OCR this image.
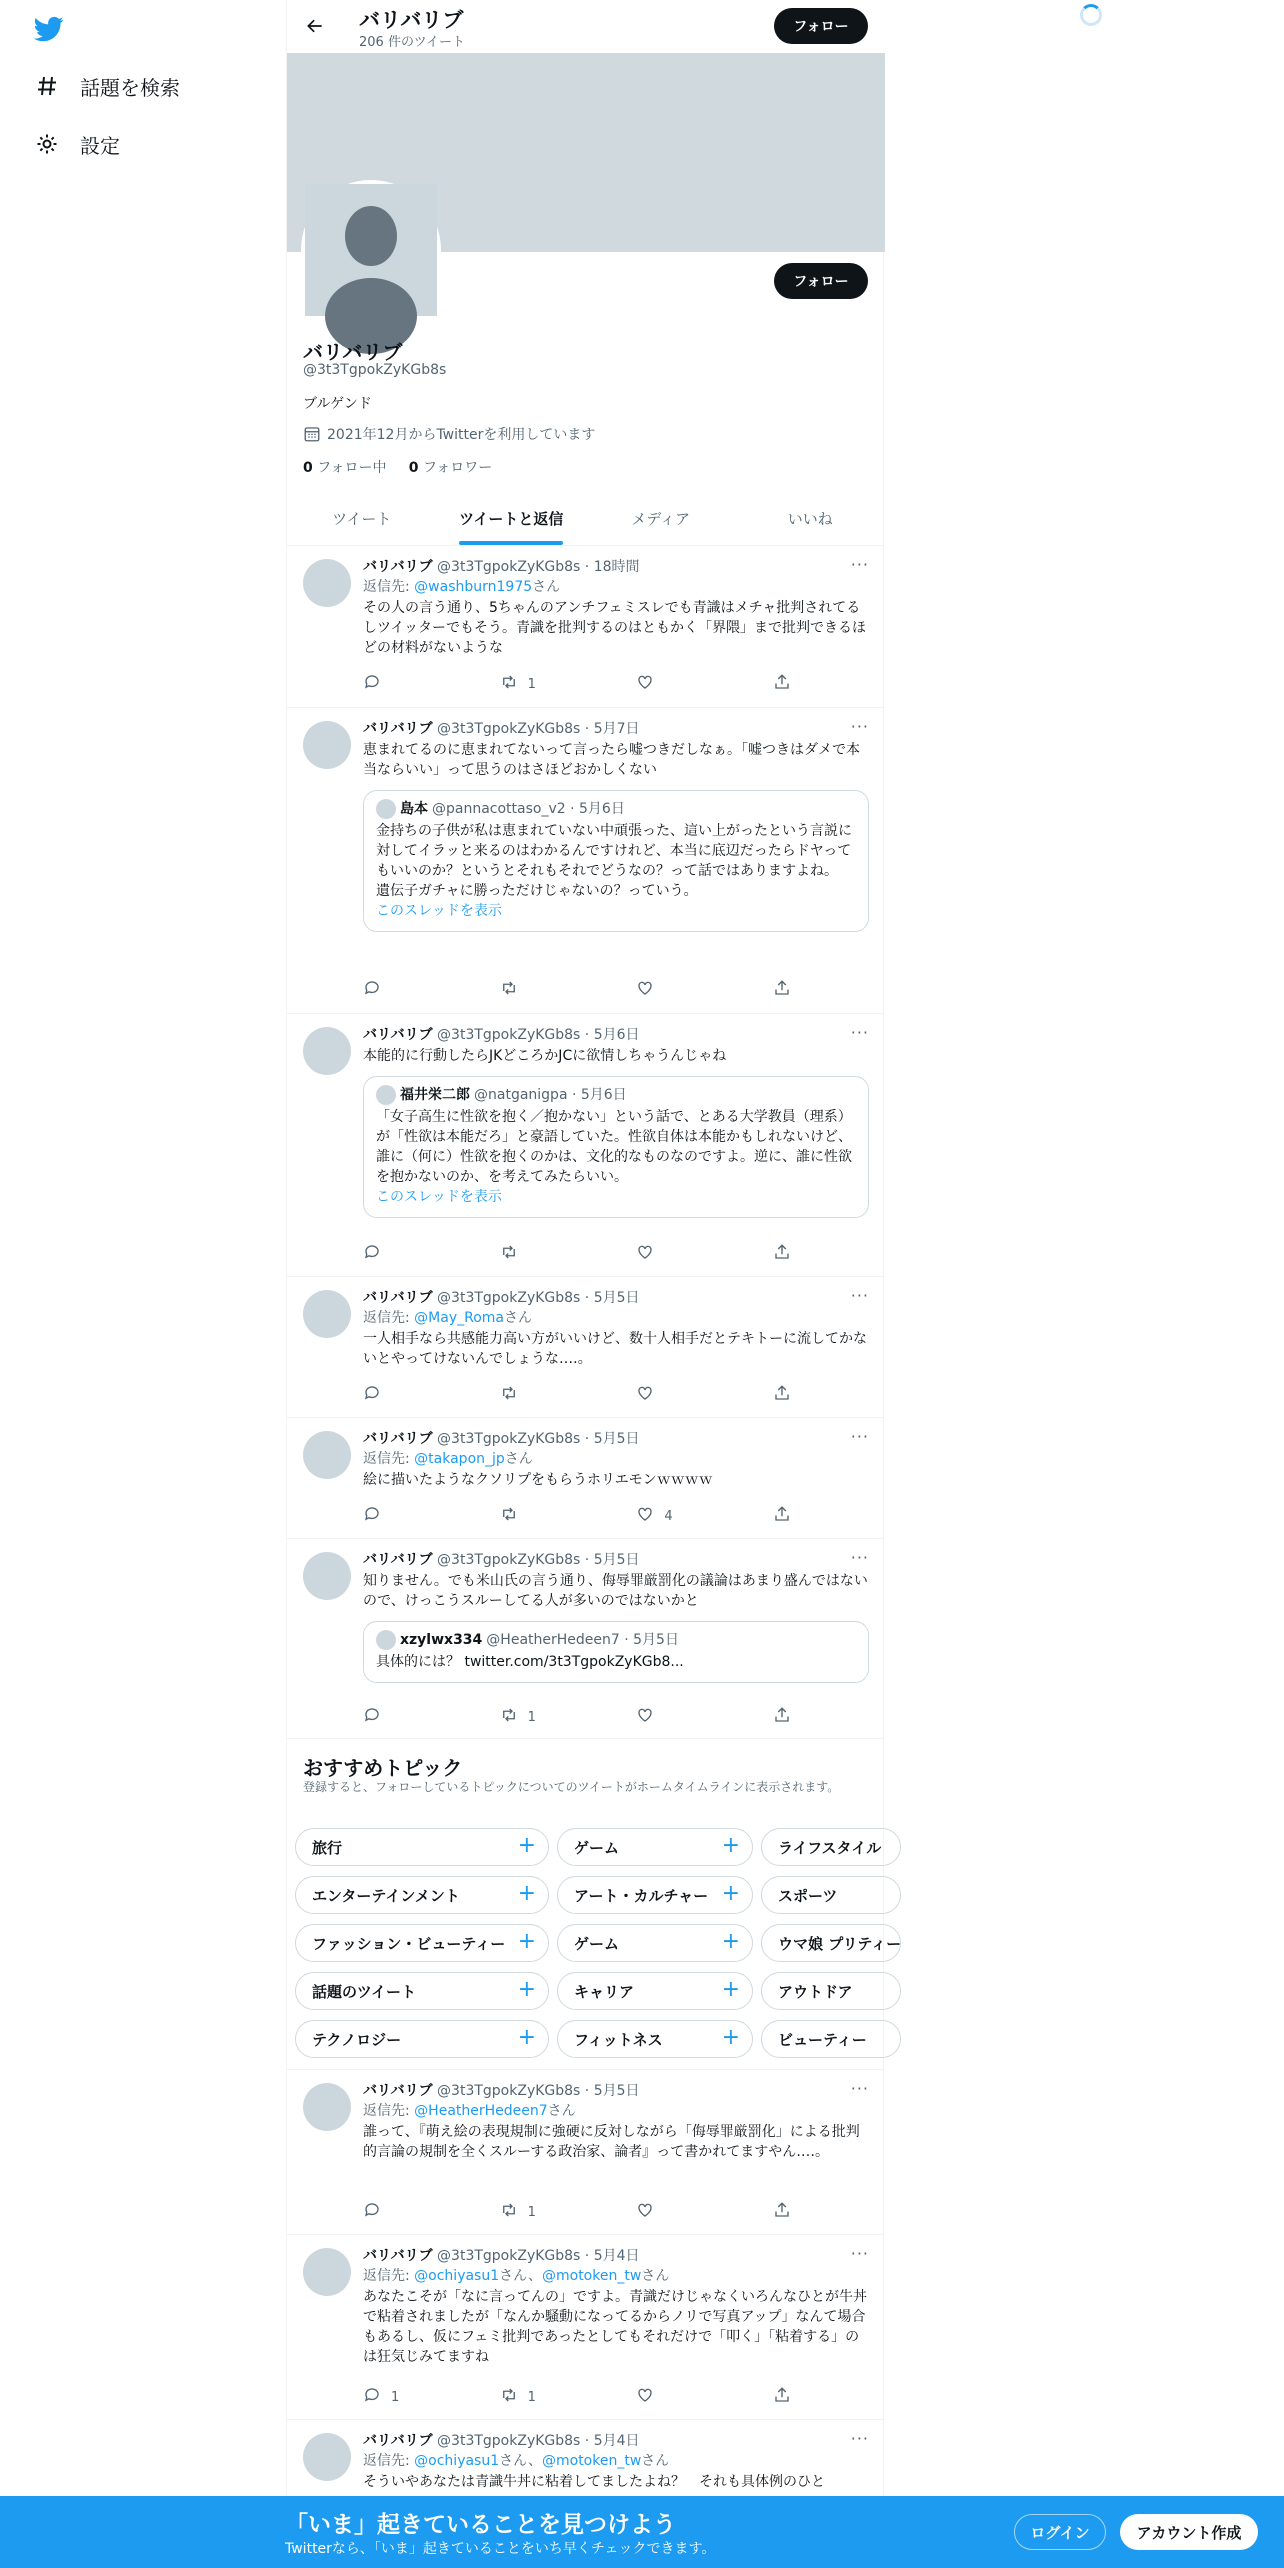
話題を検索
設定
バリバリブ
206 件のツイート
フォロー
フォロー
バリバリブ
@3t3TgpokZyKGb8s
ブルゲンド
2021年12月からTwitterを利用しています
0 フォロー中 0 フォロワー
ツイート	ツイートと返信	メディア	いいね
···
バリバリブ @3t3TgpokZyKGb8s · 18時間
返信先: @washburn1975さん
その人の言う通り、5ちゃんのアンチフェミスレでも青識はメチャ批判されてるしツイッターでもそう。青識を批判するのはともかく「界隈」まで批判できるほどの材料がないような
1
···
バリバリブ @3t3TgpokZyKGb8s · 5月7日
恵まれてるのに恵まれてないって言ったら嘘つきだしなぁ。「嘘つきはダメで本当ならいい」って思うのはさほどおかしくない
島本 @pannacottaso_v2 · 5月6日
金持ちの子供が私は恵まれていない中頑張った、這い上がったという言説に対してイラッと来るのはわかるんですけれど、本当に底辺だったらドヤってもいいのか？というとそれもそれでどうなの？って話ではありますよね。
遺伝子ガチャに勝っただけじゃないの？っていう。
このスレッドを表示
···
バリバリブ @3t3TgpokZyKGb8s · 5月6日
本能的に行動したらJKどころかJCに欲情しちゃうんじゃね
福井栄二郎 @natganigpa · 5月6日
「女子高生に性欲を抱く／抱かない」という話で、とある大学教員（理系）が「性欲は本能だろ」と豪語していた。性欲自体は本能かもしれないけど、誰に（何に）性欲を抱くのかは、文化的なものなのですよ。逆に、誰に性欲を抱かないのか、を考えてみたらいい。
このスレッドを表示
···
バリバリブ @3t3TgpokZyKGb8s · 5月5日
返信先: @May_Romaさん
一人相手なら共感能力高い方がいいけど、数十人相手だとテキトーに流してかないとやってけないんでしょうな‥‥。
···
バリバリブ @3t3TgpokZyKGb8s · 5月5日
返信先: @takapon_jpさん
絵に描いたようなクソリプをもらうホリエモンｗｗｗｗ
4
···
バリバリブ @3t3TgpokZyKGb8s · 5月5日
知りません。でも米山氏の言う通り、侮辱罪厳罰化の議論はあまり盛んではないので、けっこうスルーしてる人が多いのではないかと
xzylwx334 @HeatherHedeen7 · 5月5日
具体的には？ twitter.com/3t3TgpokZyKGb8...
1
おすすめトピック
登録すると、フォローしているトピックについてのツイートがホームタイムラインに表示されます。
旅行	+	ゲーム	+	ライフスタイル
エンターテインメント	+	アート・カルチャー +	スポーツ
ファッション・ビューティー +	ゲーム	+	ウマ娘 プリティー
話題のツイート	+	キャリア	+	アウトドア
テクノロジー	+	フィットネス	+	ビューティー
···
バリバリブ @3t3TgpokZyKGb8s · 5月5日
返信先: @HeatherHedeen7さん
誰って、『萌え絵の表現規制に強硬に反対しながら「侮辱罪厳罰化」による批判的言論の規制を全くスルーする政治家、論者』って書かれてますやん‥‥。
1
···
バリバリブ @3t3TgpokZyKGb8s · 5月4日
返信先: @ochiyasu1さん、@motoken_twさん
あなたこそが「なに言ってんの」ですよ。青識だけじゃなくいろんなひとが牛丼で粘着されましたが「なんか騒動になってるからノリで写真アップ」なんて場合もあるし、仮にフェミ批判であったとしてもそれだけで「叩く」「粘着する」のは狂気じみてますね
1	1
···
バリバリブ @3t3TgpokZyKGb8s · 5月4日
返信先: @ochiyasu1さん、@motoken_twさん
そういやあなたは青識牛丼に粘着してましたよね？　それも具体例のひと
「いま」起きていることを見つけよう
Twitterなら、「いま」起きていることをいち早くチェックできます。
ログイン	アカウント作成
